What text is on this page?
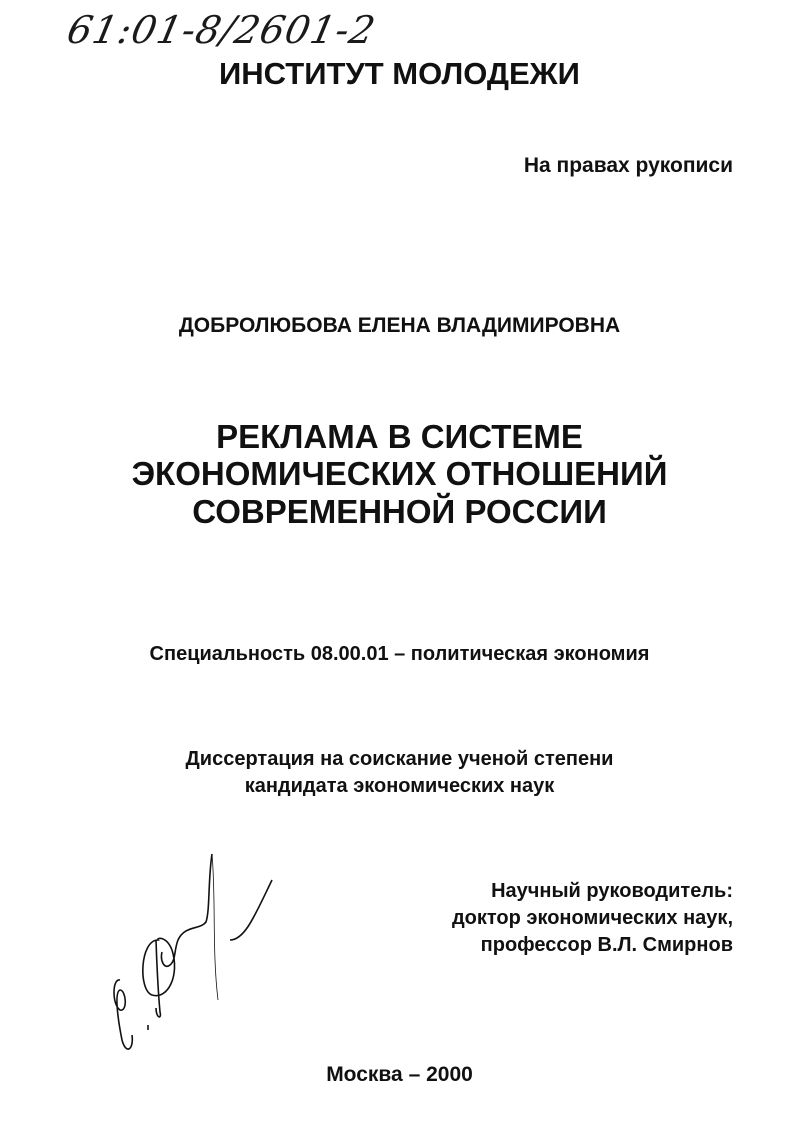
61:01-8/2601-2
ИНСТИТУТ МОЛОДЕЖИ
На правах рукописи
ДОБРОЛЮБОВА ЕЛЕНА ВЛАДИМИРОВНА
РЕКЛАМА В СИСТЕМЕ
ЭКОНОМИЧЕСКИХ ОТНОШЕНИЙ
СОВРЕМЕННОЙ РОССИИ
Специальность 08.00.01 – политическая экономия
Диссертация на соискание ученой степени
кандидата экономических наук
Научный руководитель:
доктор экономических наук,
профессор В.Л. Смирнов
Москва – 2000
